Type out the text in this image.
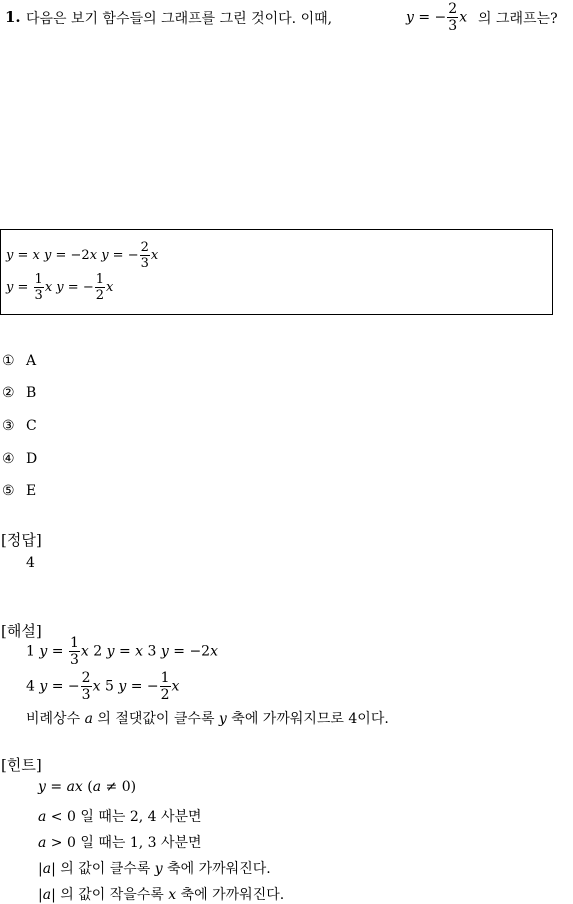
1. 다음은 보기 함수들의 그래프를 그린 것이다. 이때,	y = − $\frac{2}{3}$ x 의 그래프는?
y = x y = −2x y = − $\frac{2}{3}$ x
$y = \frac{1}{3}$ x y = − $\frac{1}{2}$ x
① A
② B
③ C
④ D
⑤ E
[정답]
4
[해설]
1 $y = \frac{1}{3}$ x 2 y = x 3 y = −2x
4 y = − $\frac{2}{3}$ x 5 y = − $\frac{1}{2}$ x
비례상수 a 의 절댓값이 클수록 y 축에 가까워지므로 4이다.
[힌트]
y = ax (a ≠ 0)
a < 0 일 때는 2, 4 사분면
a > 0 일 때는 1, 3 사분면
|a| 의 값이 클수록 y 축에 가까워진다.
|a| 의 값이 작을수록 x 축에 가까워진다.
